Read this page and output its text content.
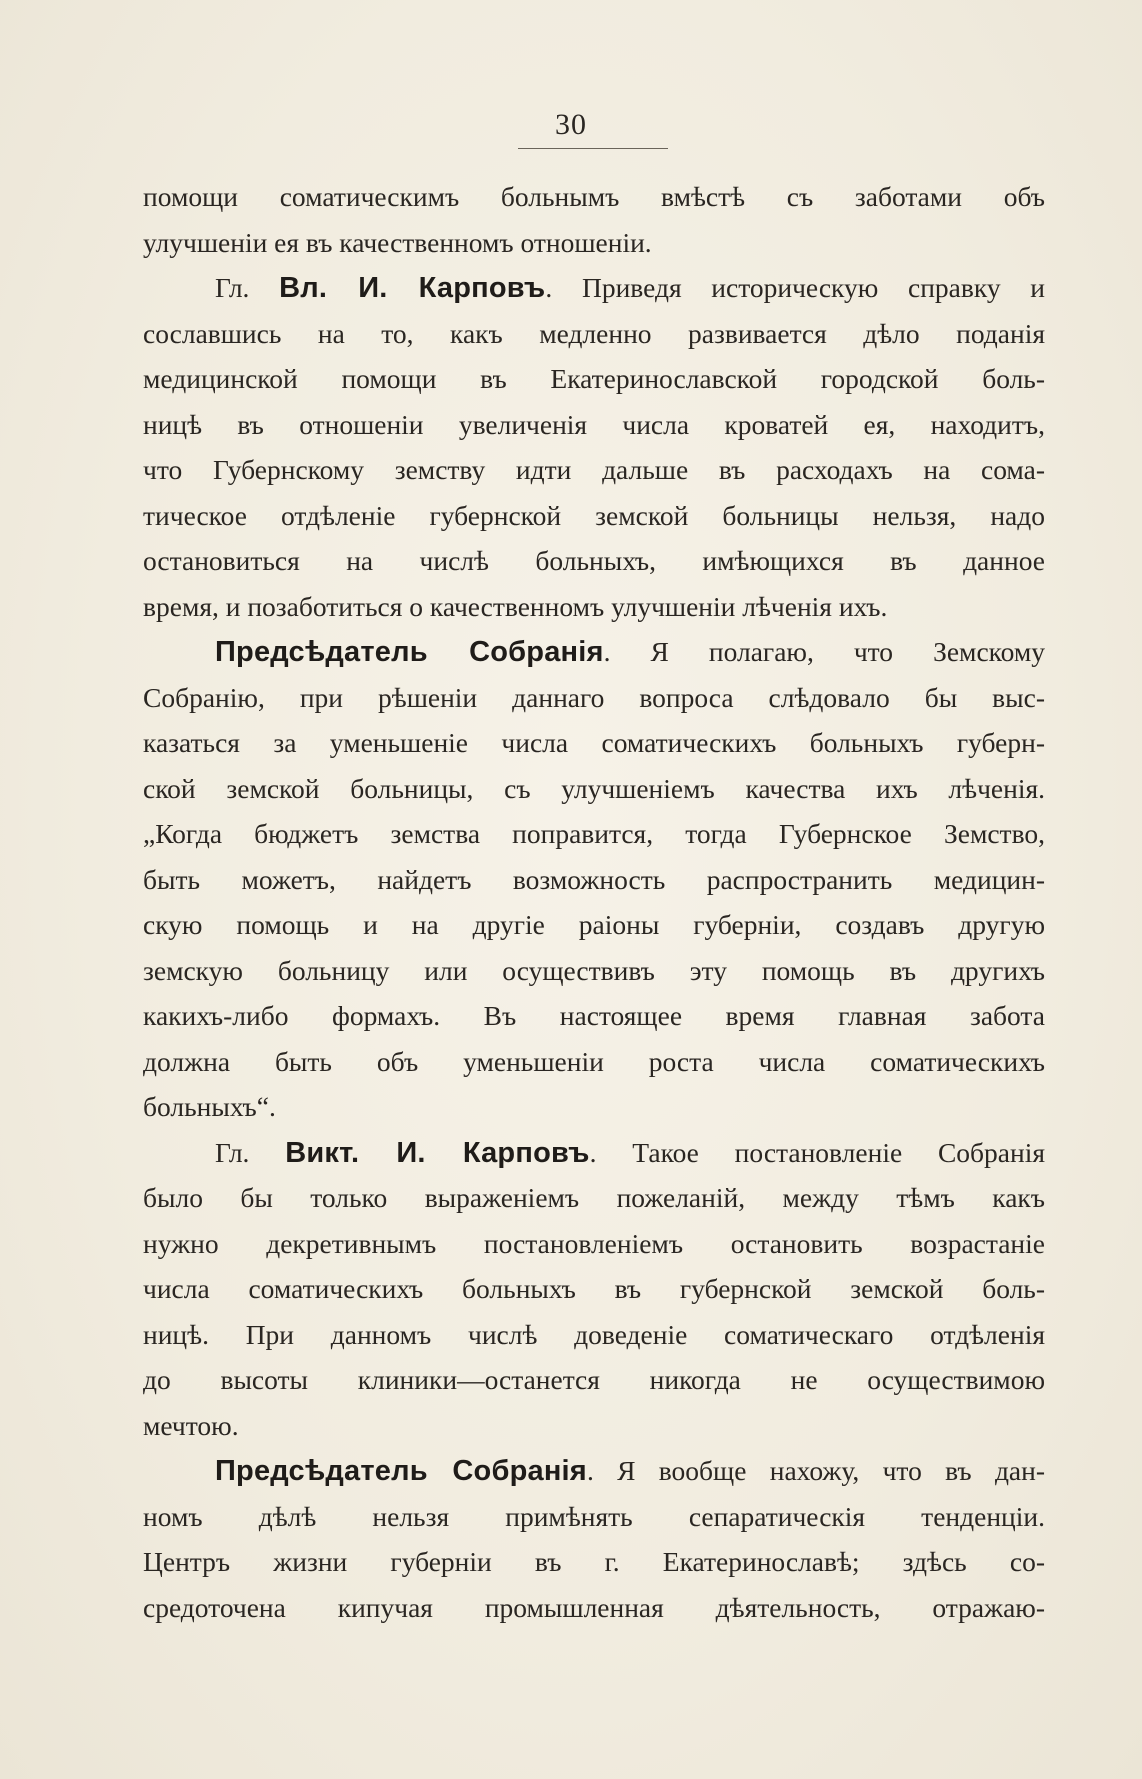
30
помощи соматическимъ больнымъ вмѣстѣ съ заботами объ
улучшеніи ея въ качественномъ отношеніи.
Гл. Вл. И. Карповъ. Приведя историческую справку и
сославшись на то, какъ медленно развивается дѣло поданія
медицинской помощи въ Екатеринославской городской боль-
ницѣ въ отношеніи увеличенія числа кроватей ея, находитъ,
что Губернскому земству идти дальше въ расходахъ на сома-
тическое отдѣленіе губернской земской больницы нельзя, надо
остановиться на числѣ больныхъ, имѣющихся въ данное
время, и позаботиться о качественномъ улучшеніи лѣченія ихъ.
Предсѣдатель Собранія. Я полагаю, что Земскому
Собранію, при рѣшеніи даннаго вопроса слѣдовало бы выс-
казаться за уменьшеніе числа соматическихъ больныхъ губерн-
ской земской больницы, съ улучшеніемъ качества ихъ лѣченія.
„Когда бюджетъ земства поправится, тогда Губернское Земство,
быть можетъ, найдетъ возможность распространить медицин-
скую помощь и на другіе раіоны губерніи, создавъ другую
земскую больницу или осуществивъ эту помощь въ другихъ
какихъ-либо формахъ. Въ настоящее время главная забота
должна быть объ уменьшеніи роста числа соматическихъ
больныхъ“.
Гл. Викт. И. Карповъ. Такое постановленіе Собранія
было бы только выраженіемъ пожеланій, между тѣмъ какъ
нужно декретивнымъ постановленіемъ остановить возрастаніе
числа соматическихъ больныхъ въ губернской земской боль-
ницѣ. При данномъ числѣ доведеніе соматическаго отдѣленія
до высоты клиники—останется никогда не осуществимою
мечтою.
Предсѣдатель Собранія. Я вообще нахожу, что въ дан-
номъ дѣлѣ нельзя примѣнять сепаратическія тенденціи.
Центръ жизни губерніи въ г. Екатеринославѣ; здѣсь со-
средоточена кипучая промышленная дѣятельность, отражаю-
